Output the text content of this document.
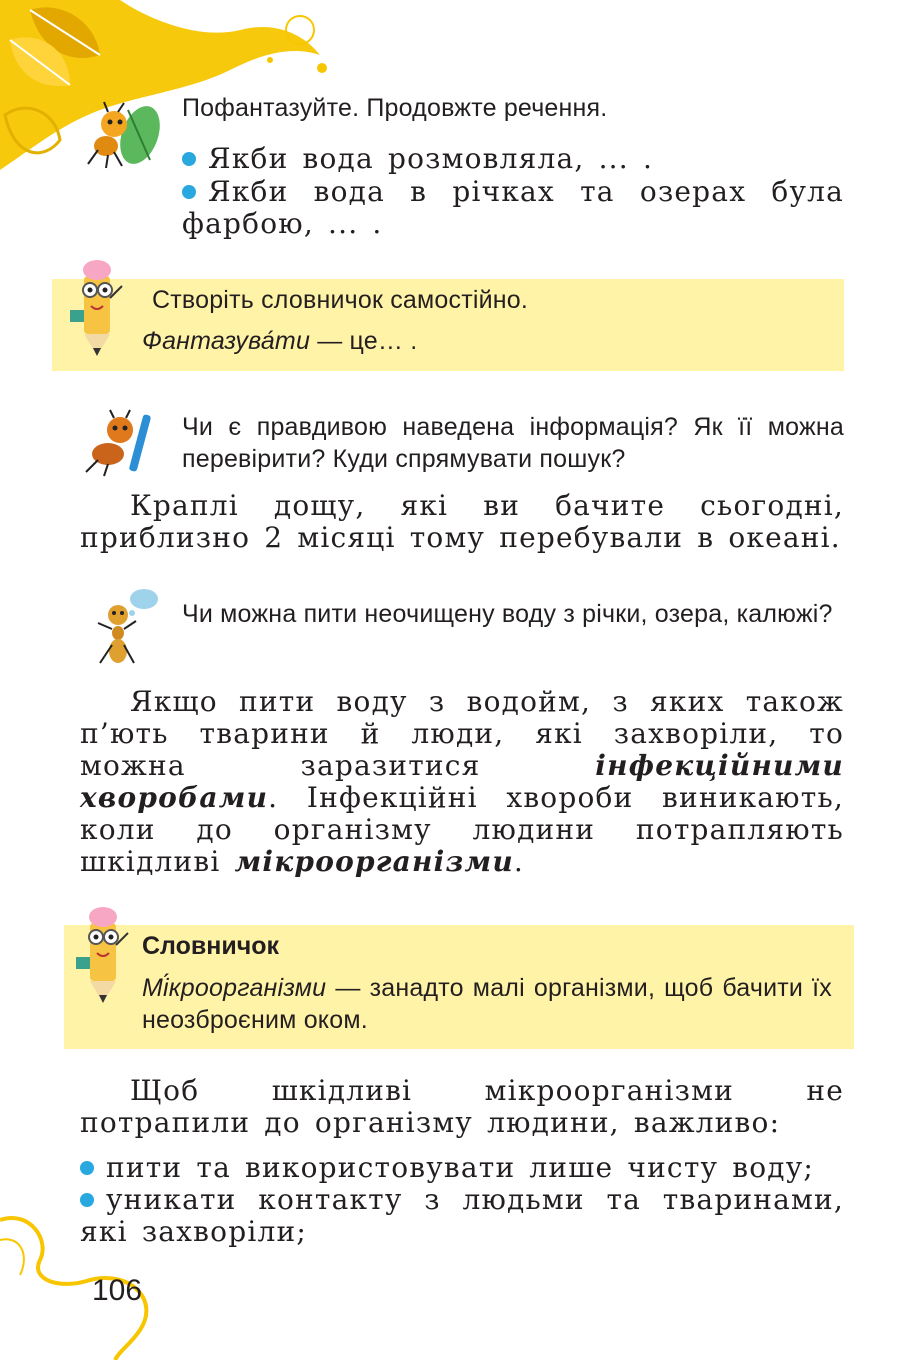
Пофантазуйте. Продовжте речення.
Якби вода розмовляла, ... .
Якби вода в річках та озерах була фарбою, ... .
Створіть словничок самостійно.
Фантазува́ти — це… .
Чи є правдивою наведена інформація? Як її можна перевірити? Куди спрямувати пошук?
Краплі дощу, які ви бачите сьогодні, приблизно 2 місяці тому перебували в океані.
Чи можна пити неочищену воду з річки, озера, калюжі?
Якщо пити воду з водойм, з яких також п’ють тварини й люди, які захворіли, то можна заразитися інфекційними хворобами. Інфекційні хвороби виникають, коли до організму людини потрапляють шкідливі мікроорганізми.
Словничок
Мі́кроорганізми — занадто малі організми, щоб бачити їх неозброєним оком.
Щоб шкідливі мікроорганізми не потрапили до організму людини, важливо:
пити та використовувати лише чисту воду;
уникати контакту з людьми та тваринами, які захворіли;
106
